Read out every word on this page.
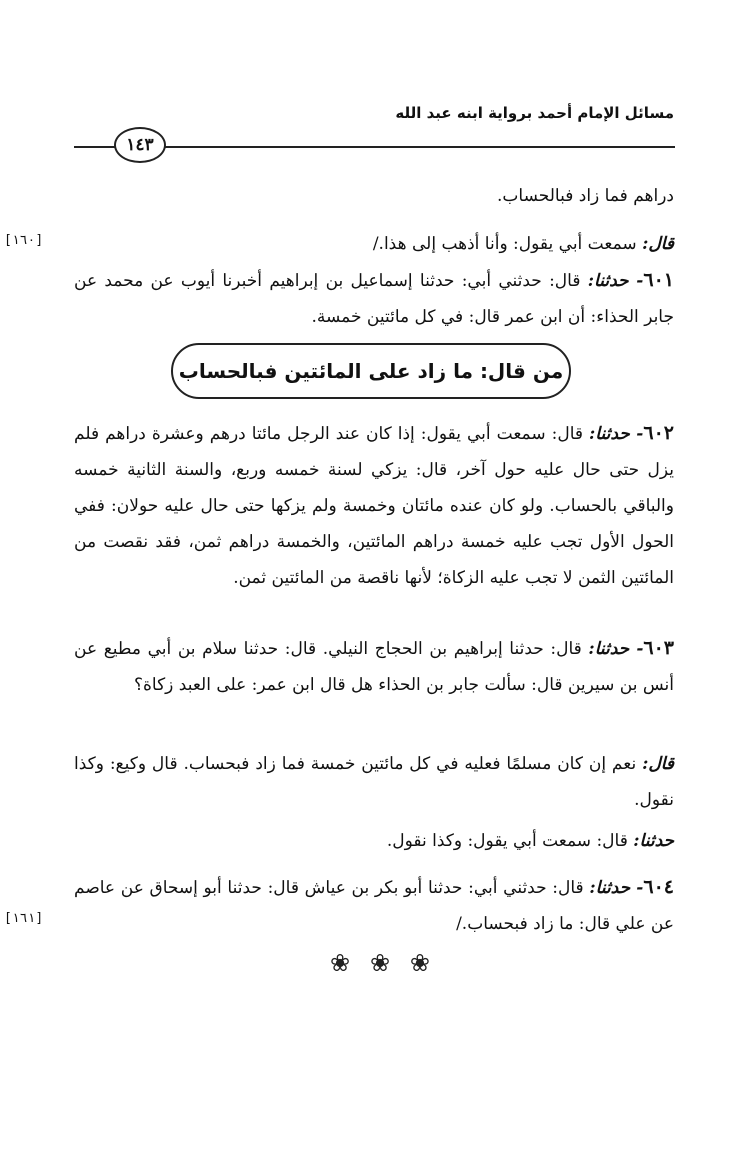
مسائل الإمام أحمد برواية ابنه عبد الله
١٤٣
[١٦٠]
[١٦١]
دراهم فما زاد فبالحساب.
قال: سمعت أبي يقول: وأنا أذهب إلى هذا./
٦٠١- حدثنا: قال: حدثني أبي: حدثنا إسماعيل بن إبراهيم أخبرنا أيوب عن محمد عن جابر الحذاء: أن ابن عمر قال: في كل مائتين خمسة.
من قال: ما زاد على المائتين فبالحساب
٦٠٢- حدثنا: قال: سمعت أبي يقول: إذا كان عند الرجل مائتا درهم وعشرة دراهم فلم يزل حتى حال عليه حول آخر، قال: يزكي لسنة خمسه وربع، والسنة الثانية خمسه والباقي بالحساب. ولو كان عنده مائتان وخمسة ولم يزكها حتى حال عليه حولان: ففي الحول الأول تجب عليه خمسة دراهم المائتين، والخمسة دراهم ثمن، فقد نقصت من المائتين الثمن لا تجب عليه الزكاة؛ لأنها ناقصة من المائتين ثمن.
٦٠٣- حدثنا: قال: حدثنا إبراهيم بن الحجاج النيلي. قال: حدثنا سلام بن أبي مطيع عن أنس بن سيرين قال: سألت جابر بن الحذاء هل قال ابن عمر: على العبد زكاة؟
قال: نعم إن كان مسلمًا فعليه في كل مائتين خمسة فما زاد فبحساب. قال وكيع: وكذا نقول.
حدثنا: قال: سمعت أبي يقول: وكذا نقول.
٦٠٤- حدثنا: قال: حدثني أبي: حدثنا أبو بكر بن عياش قال: حدثنا أبو إسحاق عن عاصم عن علي قال: ما زاد فبحساب./
❀ ❀ ❀
